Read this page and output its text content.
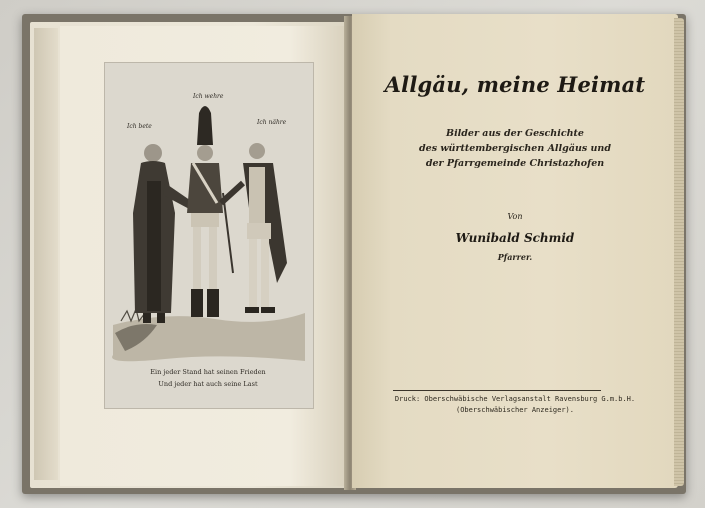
Ich bete
Ich wehre
Ich nähre
Ein jeder Stand hat seinen Frieden
Und jeder hat auch seine Last
Allgäu, meine Heimat
Bilder aus der Geschichte
des württembergischen Allgäus und
der Pfarrgemeinde Christazhofen
Von
Wunibald Schmid
Pfarrer.
Druck: Oberschwäbische Verlagsanstalt Ravensburg G.m.b.H.
(Oberschwäbischer Anzeiger).
